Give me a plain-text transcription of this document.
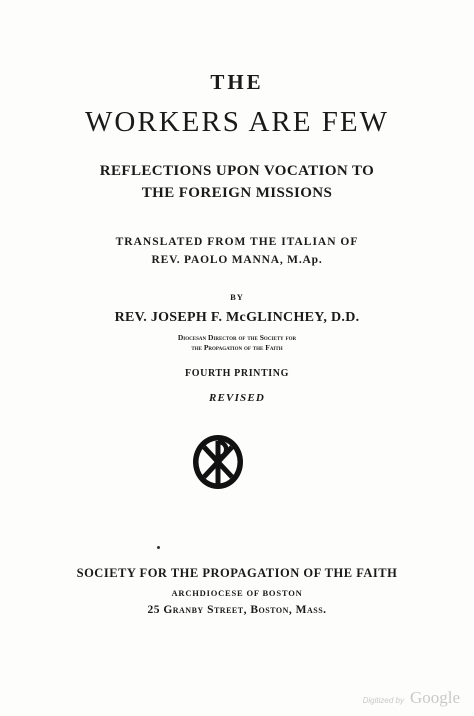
THE
WORKERS ARE FEW
REFLECTIONS UPON VOCATION TO
THE FOREIGN MISSIONS
TRANSLATED FROM THE ITALIAN OF
REV. PAOLO MANNA, M.Ap.
BY
REV. JOSEPH F. McGLINCHEY, D.D.
Diocesan Director of the Society for
the Propagation of the Faith
FOURTH PRINTING
REVISED
SOCIETY FOR THE PROPAGATION OF THE FAITH
ARCHDIOCESE OF BOSTON
25 Granby Street, Boston, Mass.
Digitized by Google
